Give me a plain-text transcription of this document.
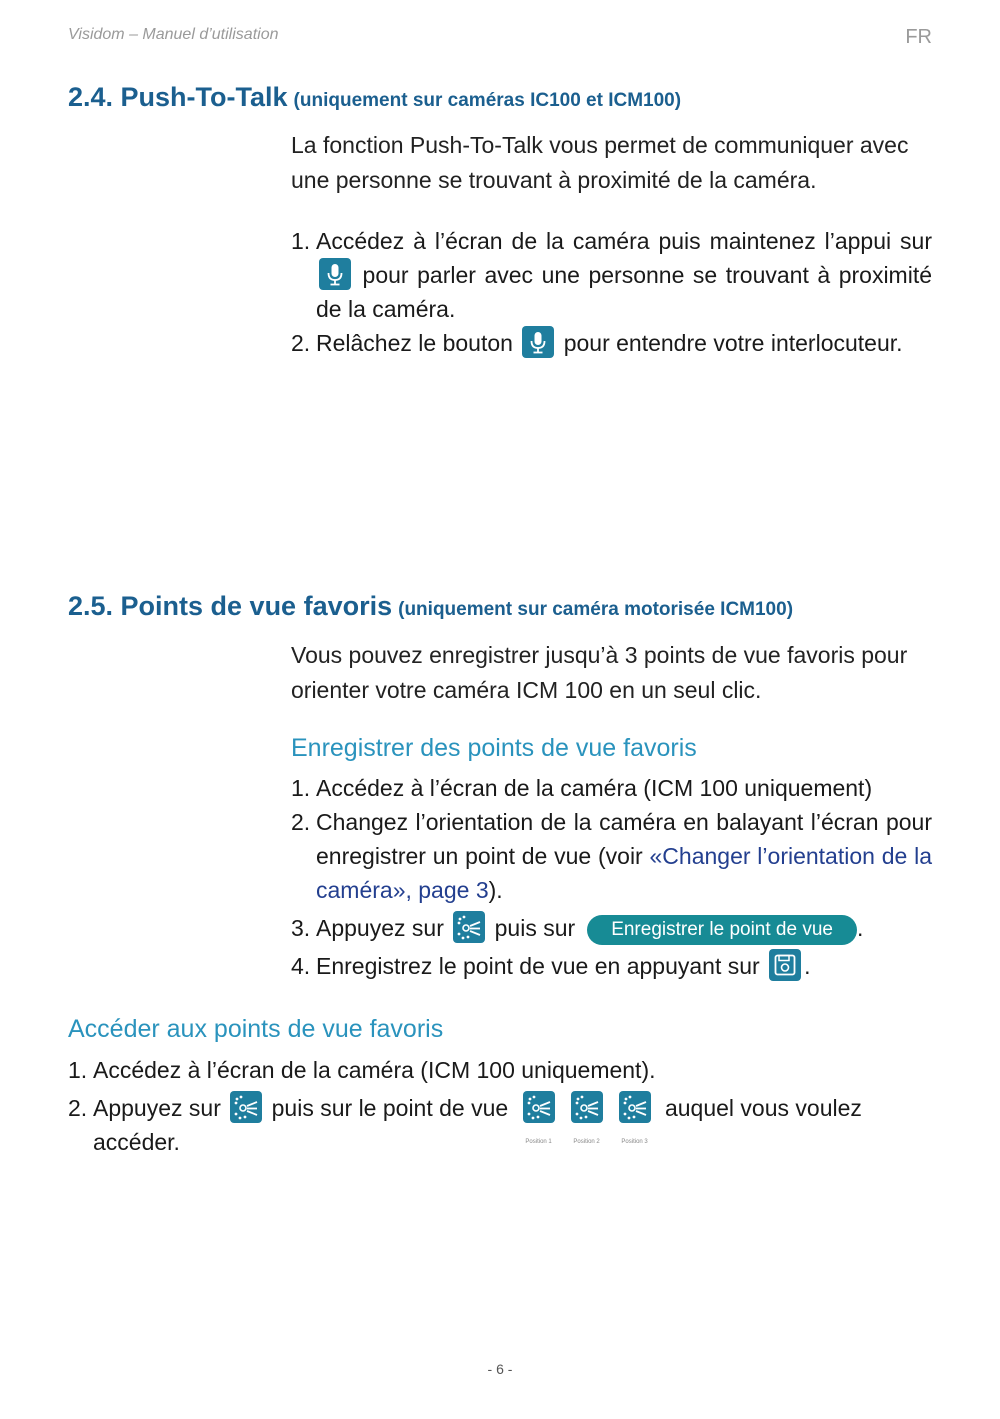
Visidom – Manuel d’utilisation	FR
2.4. Push-To-Talk (uniquement sur caméras IC100 et ICM100)
La fonction Push-To-Talk vous permet de communiquer avec une personne se trouvant à proximité de la caméra.
1. Accédez à l’écran de la caméra puis maintenez l’appui sur
pour parler avec une personne se trouvant à proximité de la caméra.
2. Relâchez le bouton pour entendre votre interlocuteur.
2.5. Points de vue favoris (uniquement sur caméra motorisée ICM100)
Vous pouvez enregistrer jusqu’à 3 points de vue favoris pour orienter votre caméra ICM 100 en un seul clic.
Enregistrer des points de vue favoris
1. Accédez à l’écran de la caméra (ICM 100 uniquement)
2. Changez l’orientation de la caméra en balayant l’écran pour enregistrer un point de vue (voir «Changer l’orientation de la caméra», page 3).
3. Appuyez sur puis sur Enregistrer le point de vue .
4. Enregistrez le point de vue en appuyant sur .
Accéder aux points de vue favoris
1. Accédez à l’écran de la caméra (ICM 100 uniquement).
2. Appuyez sur puis sur le point de vue
Position 1	Position 2	Position 3
auquel vous voulez accéder.
- 6 -
